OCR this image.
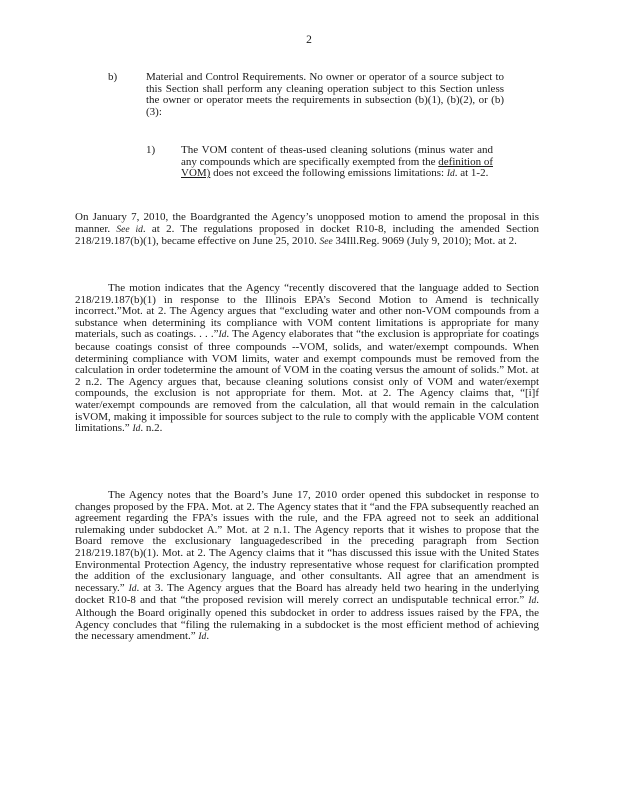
2
b)	Material and Control Requirements. No owner or operator of a source subject to this Section shall perform any cleaning operation subject to this Section unless the owner or operator meets the requirements in subsection (b)(1), (b)(2), or (b)(3):

1) The VOM content of theas-used cleaning solutions (minus water and any compounds which are specifically exempted from the definition of VOM) does not exceed the following emissions limitations: Id. at 1-2.

On January 7, 2010, the Boardgranted the Agency’s unopposed motion to amend the proposal in this manner. See id. at 2. The regulations proposed in docket R10-8, including the amended Section 218/219.187(b)(1), became effective on June 25, 2010. See 34Ill.Reg. 9069 (July 9, 2010); Mot. at 2.

The motion indicates that the Agency “recently discovered that the language added to Section 218/219.187(b)(1) in response to the Illinois EPA’s Second Motion to Amend is technically incorrect.”Mot. at 2. The Agency argues that “excluding water and other non-VOM compounds from a substance when determining its compliance with VOM content limitations is appropriate for many materials, such as coatings. . . .”Id. The Agency elaborates that “the exclusion is appropriate for coatings because coatings consist of three compounds --VOM, solids, and water/exempt compounds. When determining compliance with VOM limits, water and exempt compounds must be removed from the calculation in order todetermine the amount of VOM in the coating versus the amount of solids.” Mot. at 2 n.2. The Agency argues that, because cleaning solutions consist only of VOM and water/exempt compounds, the exclusion is not appropriate for them. Mot. at 2. The Agency claims that, “[i]f water/exempt compounds are removed from the calculation, all that would remain in the calculation isVOM, making it impossible for sources subject to the rule to comply with the applicable VOM content limitations.” Id. n.2.

The Agency notes that the Board’s June 17, 2010 order opened this subdocket in response to changes proposed by the FPA. Mot. at 2. The Agency states that it “and the FPA subsequently reached an agreement regarding the FPA’s issues with the rule, and the FPA agreed not to seek an additional rulemaking under subdocket A.” Mot. at 2 n.1. The Agency reports that it wishes to propose that the Board remove the exclusionary languagedescribed in the preceding paragraph from Section 218/219.187(b)(1). Mot. at 2. The Agency claims that it “has discussed this issue with the United States Environmental Protection Agency, the industry representative whose request for clarification prompted the addition of the exclusionary language, and other consultants. All agree that an amendment is necessary.” Id. at 3. The Agency argues that the Board has already held two hearing in the underlying docket R10-8 and that “the proposed revision will merely correct an undisputable technical error.” Id. Although the Board originally opened this subdocket in order to address issues raised by the FPA, the Agency concludes that “filing the rulemaking in a subdocket is the most efficient method of achieving the necessary amendment.” Id.
